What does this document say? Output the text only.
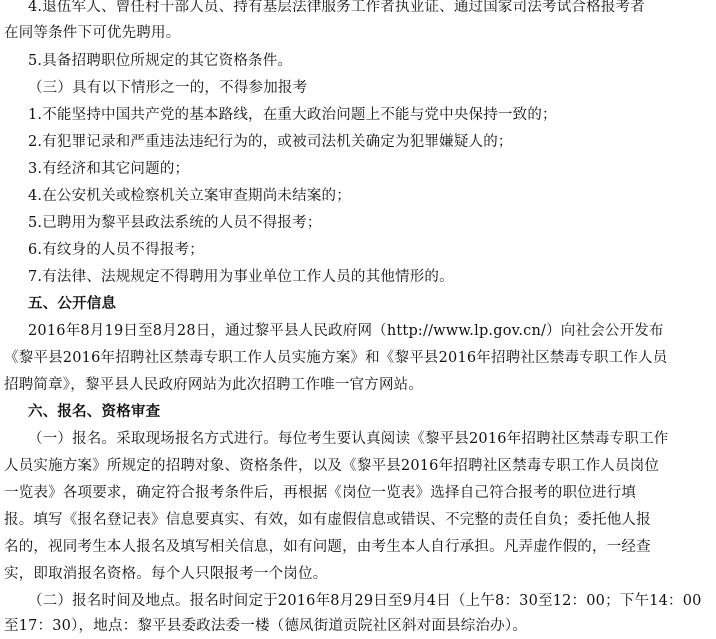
4.退伍军人、曾任村干部人员、持有基层法律服务工作者执业证、通过国家司法考试合格报考者
在同等条件下可优先聘用。
5.具备招聘职位所规定的其它资格条件。
（三）具有以下情形之一的，不得参加报考
1.不能坚持中国共产党的基本路线，在重大政治问题上不能与党中央保持一致的；
2.有犯罪记录和严重违法违纪行为的，或被司法机关确定为犯罪嫌疑人的；
3.有经济和其它问题的；
4.在公安机关或检察机关立案审查期尚未结案的；
5.已聘用为黎平县政法系统的人员不得报考；
6.有纹身的人员不得报考；
7.有法律、法规规定不得聘用为事业单位工作人员的其他情形的。
五、公开信息
2016年8月19日至8月28日，通过黎平县人民政府网（http://www.lp.gov.cn/）向社会公开发布
《黎平县2016年招聘社区禁毒专职工作人员实施方案》和《黎平县2016年招聘社区禁毒专职工作人员
招聘简章》，黎平县人民政府网站为此次招聘工作唯一官方网站。
六、报名、资格审查
（一）报名。采取现场报名方式进行。每位考生要认真阅读《黎平县2016年招聘社区禁毒专职工作
人员实施方案》所规定的招聘对象、资格条件，以及《黎平县2016年招聘社区禁毒专职工作人员岗位
一览表》各项要求，确定符合报考条件后，再根据《岗位一览表》选择自己符合报考的职位进行填
报。填写《报名登记表》信息要真实、有效，如有虚假信息或错误、不完整的责任自负；委托他人报
名的，视同考生本人报名及填写相关信息，如有问题，由考生本人自行承担。凡弄虚作假的，一经查
实，即取消报名资格。每个人只限报考一个岗位。
（二）报名时间及地点。报名时间定于2016年8月29日至9月4日（上午8：30至12：00；下午14：00
至17：30），地点：黎平县委政法委一楼（德凤街道贡院社区斜对面县综治办）。
